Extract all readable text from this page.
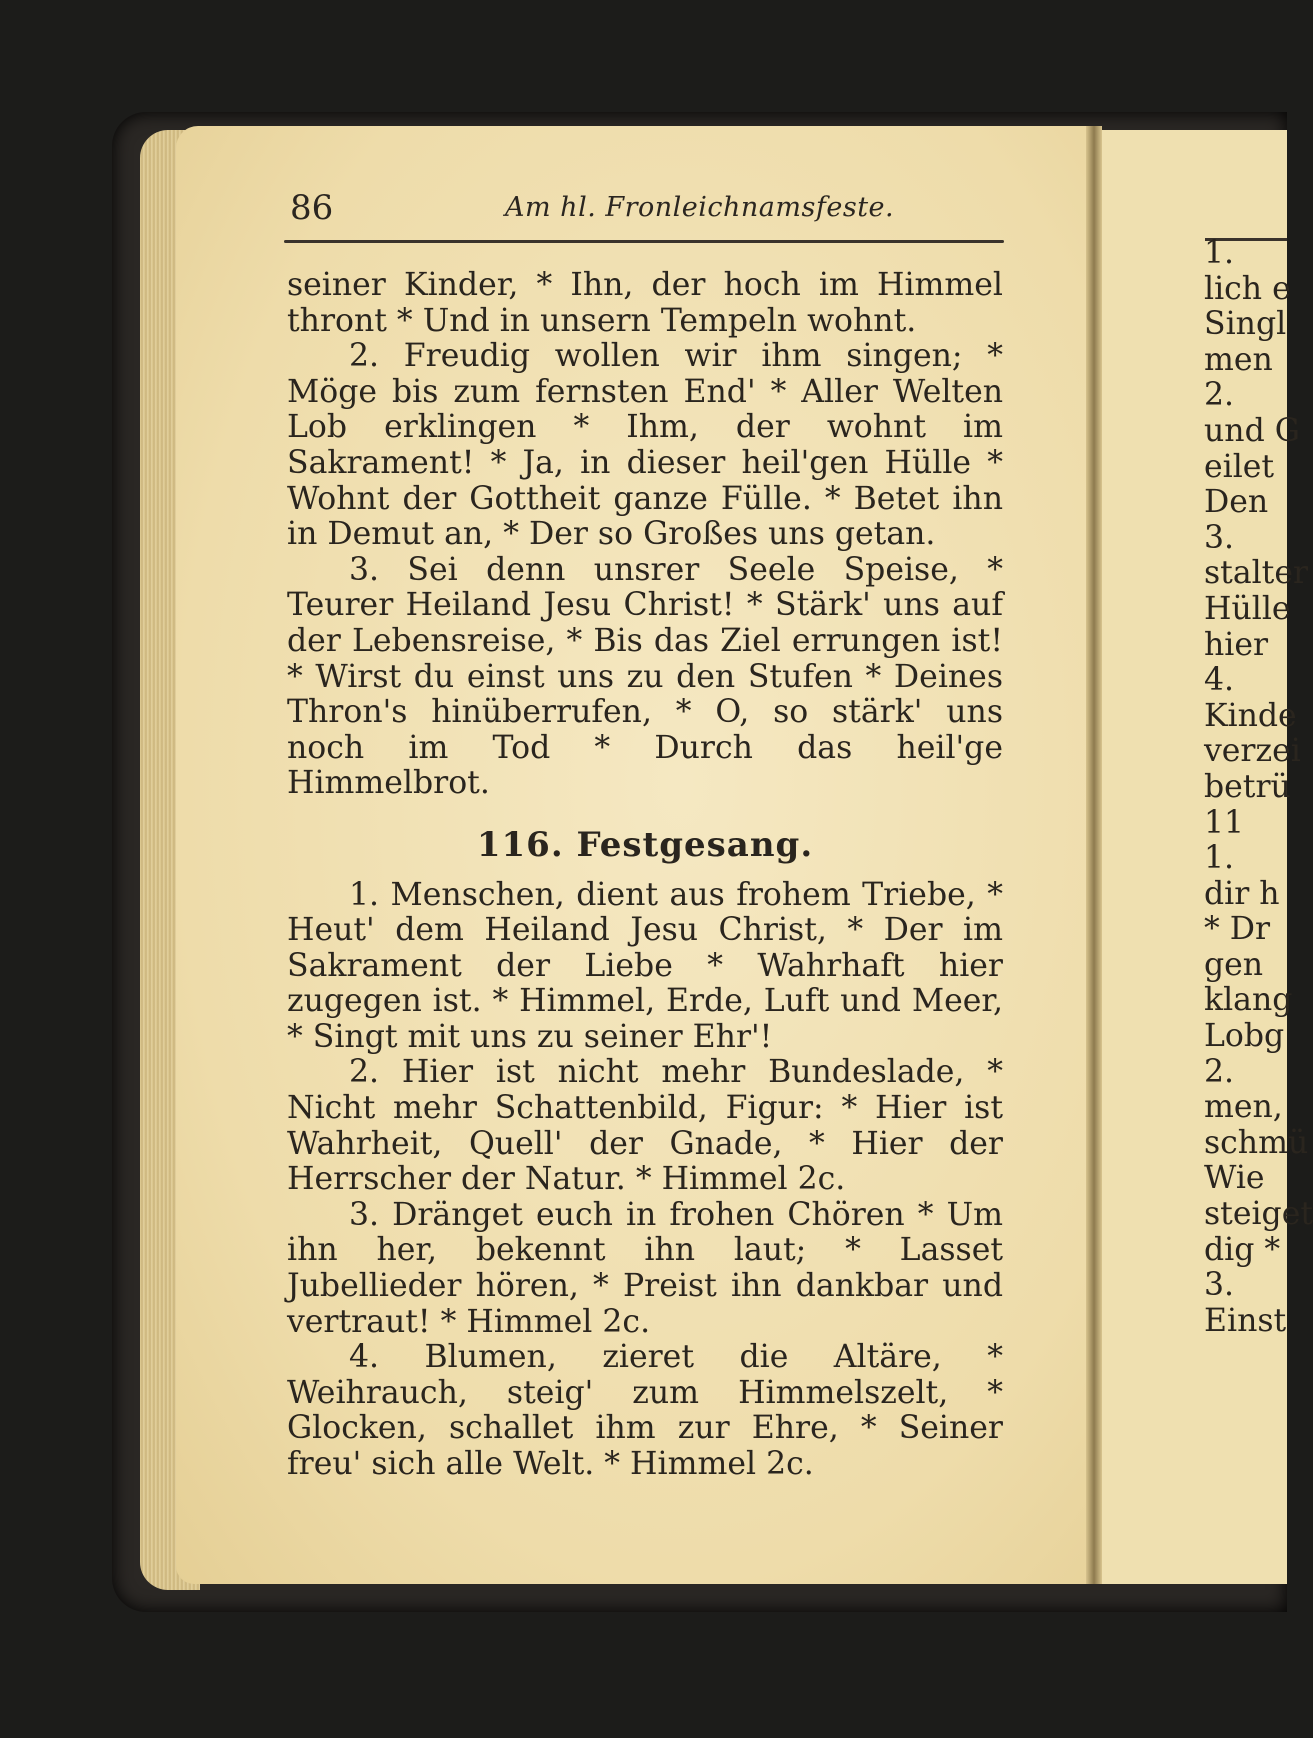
86	Am hl. Fronleichnamsfeste.

seiner Kinder, * Ihn, der hoch im Himmel thront * Und in unsern Tempeln wohnt.

2. Freudig wollen wir ihm singen; * Möge bis zum fernsten End' * Aller Welten Lob erklingen * Ihm, der wohnt im Sakrament! * Ja, in dieser heil'gen Hülle * Wohnt der Gottheit ganze Fülle. * Betet ihn in Demut an, * Der so Großes uns getan.

3. Sei denn unsrer Seele Speise, * Teurer Heiland Jesu Christ! * Stärk' uns auf der Lebensreise, * Bis das Ziel errungen ist! * Wirst du einst uns zu den Stufen * Deines Thron's hinüberrufen, * O, so stärk' uns noch im Tod * Durch das heil'ge Himmelbrot.

116. Festgesang.

1. Menschen, dient aus frohem Triebe, * Heut' dem Heiland Jesu Christ, * Der im Sakrament der Liebe * Wahrhaft hier zugegen ist. * Himmel, Erde, Luft und Meer, * Singt mit uns zu seiner Ehr'!

2. Hier ist nicht mehr Bundeslade, * Nicht mehr Schattenbild, Figur: * Hier ist Wahrheit, Quell' der Gnade, * Hier der Herrscher der Natur. * Himmel 2c.

3. Dränget euch in frohen Chören * Um ihn her, bekennt ihn laut; * Lasset Jubellieder hören, * Preist ihn dankbar und vertraut! * Himmel 2c.

4. Blumen, zieret die Altäre, * Weihrauch, steig' zum Himmelszelt, * Glocken, schallet ihm zur Ehre, * Seiner freu' sich alle Welt. * Himmel 2c.

1.
lich e
Singl
men
2.
und G
eilet
Den
3.
stalter
Hülle
hier
4.
Kinde
verzei
betrü
11
1.
dir h
* Dr
gen
klang
Lobg
2.
men,
schmü
Wie
steiget
dig *
3.
Einst
